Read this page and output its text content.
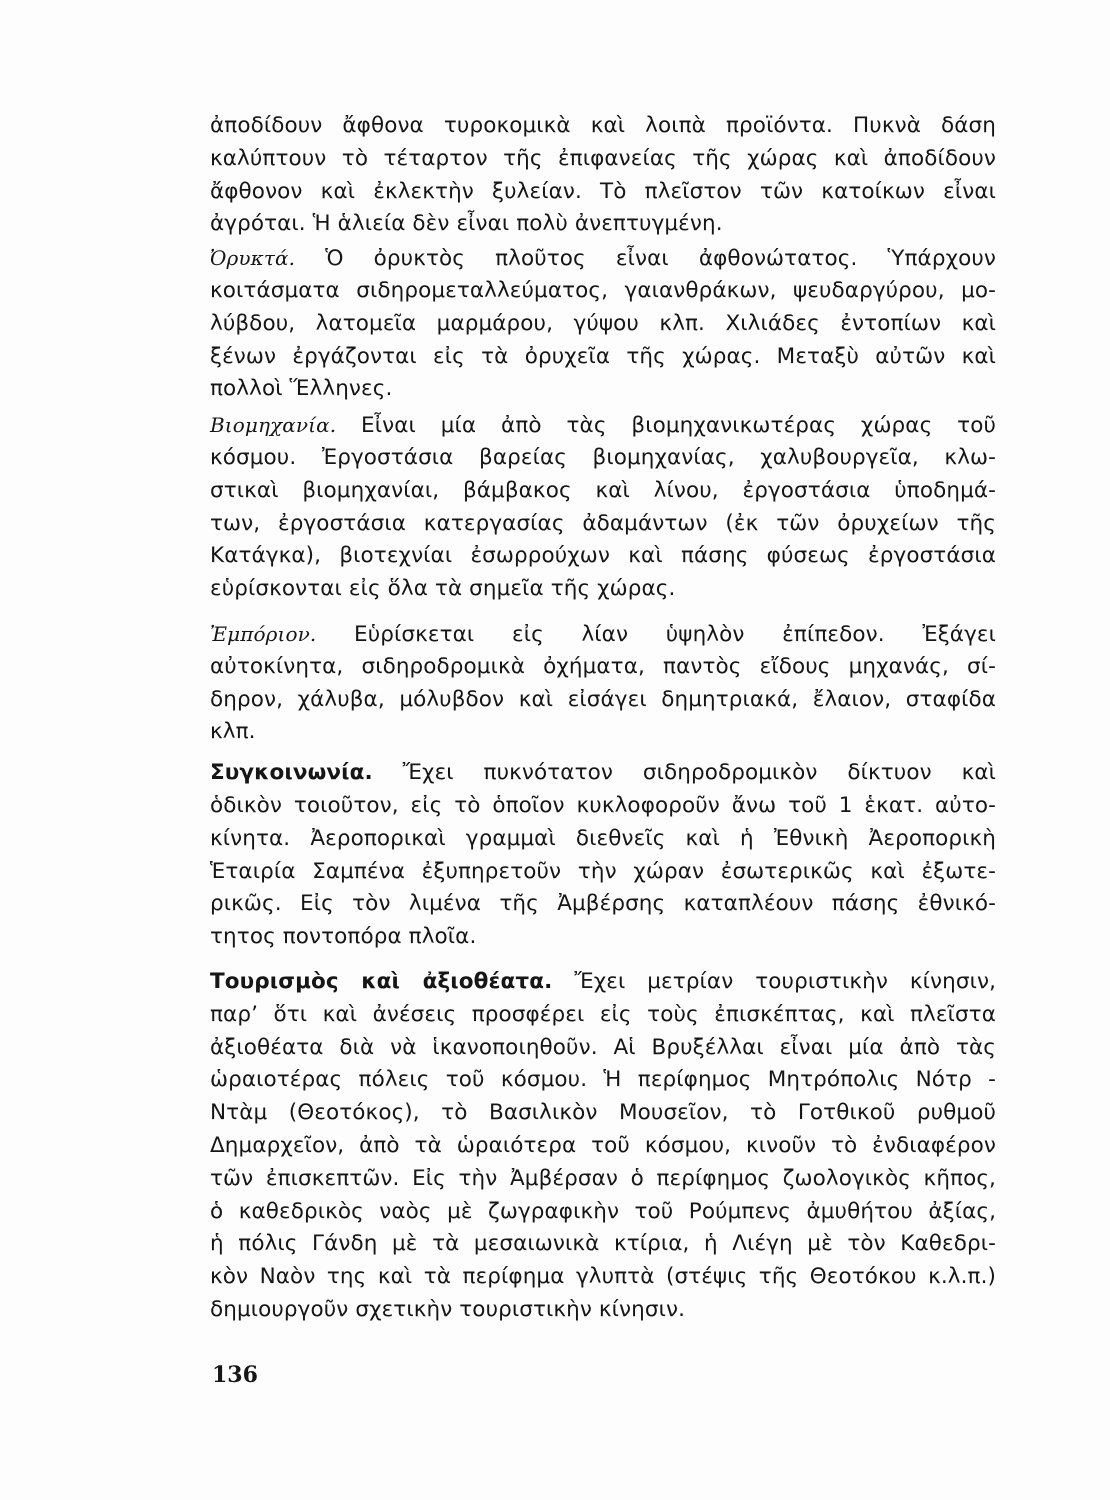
ἀποδίδουν ἄφθονα τυροκομικὰ καὶ λοιπὰ προϊόντα. Πυκνὰ δάση
καλύπτουν τὸ τέταρτον τῆς ἐπιφανείας τῆς χώρας καὶ ἀποδίδουν
ἄφθονον καὶ ἐκλεκτὴν ξυλείαν. Τὸ πλεῖστον τῶν κατοίκων εἶναι
ἀγρόται. Ἡ ἁλιεία δὲν εἶναι πολὺ ἀνεπτυγμένη.
Ὀρυκτά. Ὁ ὀρυκτὸς πλοῦτος εἶναι ἀφθονώτατος. Ὑπάρχουν
κοιτάσματα σιδηρομεταλλεύματος, γαιανθράκων, ψευδαργύρου, μο-
λύβδου, λατομεῖα μαρμάρου, γύψου κλπ. Χιλιάδες ἐντοπίων καὶ
ξένων ἐργάζονται εἰς τὰ ὀρυχεῖα τῆς χώρας. Μεταξὺ αὐτῶν καὶ
πολλοὶ Ἕλληνες.
Βιομηχανία. Εἶναι μία ἀπὸ τὰς βιομηχανικωτέρας χώρας τοῦ
κόσμου. Ἐργοστάσια βαρείας βιομηχανίας, χαλυβουργεῖα, κλω-
στικαὶ βιομηχανίαι, βάμβακος καὶ λίνου, ἐργοστάσια ὑποδημά-
των, ἐργοστάσια κατεργασίας ἀδαμάντων (ἐκ τῶν ὀρυχείων τῆς
Κατάγκα), βιοτεχνίαι ἐσωρρούχων καὶ πάσης φύσεως ἐργοστάσια
εὑρίσκονται εἰς ὅλα τὰ σημεῖα τῆς χώρας.
Ἐμπόριον. Εὑρίσκεται εἰς λίαν ὑψηλὸν ἐπίπεδον. Ἐξάγει
αὐτοκίνητα, σιδηροδρομικὰ ὀχήματα, παντὸς εἴδους μηχανάς, σί-
δηρον, χάλυβα, μόλυβδον καὶ εἰσάγει δημητριακά, ἔλαιον, σταφίδα
κλπ.
Συγκοινωνία. Ἔχει πυκνότατον σιδηροδρομικὸν δίκτυον καὶ
ὁδικὸν τοιοῦτον, εἰς τὸ ὁποῖον κυκλοφοροῦν ἄνω τοῦ 1 ἑκατ. αὐτο-
κίνητα. Ἀεροπορικαὶ γραμμαὶ διεθνεῖς καὶ ἡ Ἐθνικὴ Ἀεροπορικὴ
Ἑταιρία Σαμπένα ἐξυπηρετοῦν τὴν χώραν ἐσωτερικῶς καὶ ἐξωτε-
ρικῶς. Εἰς τὸν λιμένα τῆς Ἀμβέρσης καταπλέουν πάσης ἐθνικό-
τητος ποντοπόρα πλοῖα.
Τουρισμὸς καὶ ἀξιοθέατα. Ἔχει μετρίαν τουριστικὴν κίνησιν,
παρ’ ὅτι καὶ ἀνέσεις προσφέρει εἰς τοὺς ἐπισκέπτας, καὶ πλεῖστα
ἀξιοθέατα διὰ νὰ ἱκανοποιηθοῦν. Αἱ Βρυξέλλαι εἶναι μία ἀπὸ τὰς
ὡραιοτέρας πόλεις τοῦ κόσμου. Ἡ περίφημος Μητρόπολις Νότρ -
Ντὰμ (Θεοτόκος), τὸ Βασιλικὸν Μουσεῖον, τὸ Γοτθικοῦ ρυθμοῦ
Δημαρχεῖον, ἀπὸ τὰ ὡραιότερα τοῦ κόσμου, κινοῦν τὸ ἐνδιαφέρον
τῶν ἐπισκεπτῶν. Εἰς τὴν Ἀμβέρσαν ὁ περίφημος ζωολογικὸς κῆπος,
ὁ καθεδρικὸς ναὸς μὲ ζωγραφικὴν τοῦ Ρούμπενς ἀμυθήτου ἀξίας,
ἡ πόλις Γάνδη μὲ τὰ μεσαιωνικὰ κτίρια, ἡ Λιέγη μὲ τὸν Καθεδρι-
κὸν Ναὸν της καὶ τὰ περίφημα γλυπτὰ (στέψις τῆς Θεοτόκου κ.λ.π.)
δημιουργοῦν σχετικὴν τουριστικὴν κίνησιν.
136
